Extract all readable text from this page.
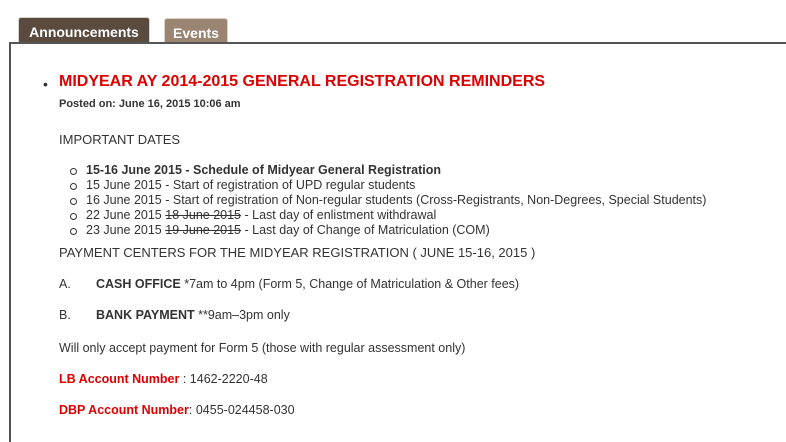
Announcements	Events
• MIDYEAR AY 2014-2015 GENERAL REGISTRATION REMINDERS
Posted on: June 16, 2015 10:06 am
IMPORTANT DATES
15-16 June 2015 - Schedule of Midyear General Registration
15 June 2015 - Start of registration of UPD regular students
16 June 2015 - Start of registration of Non-regular students (Cross-Registrants, Non-Degrees, Special Students)
22 June 2015 18 June 2015 - Last day of enlistment withdrawal
23 June 2015 19 June 2015 - Last day of Change of Matriculation (COM)
PAYMENT CENTERS FOR THE MIDYEAR REGISTRATION ( JUNE 15-16, 2015 )
A. CASH OFFICE *7am to 4pm (Form 5, Change of Matriculation & Other fees)
B. BANK PAYMENT **9am–3pm only
Will only accept payment for Form 5 (those with regular assessment only)
LB Account Number : 1462-2220-48
DBP Account Number: 0455-024458-030
